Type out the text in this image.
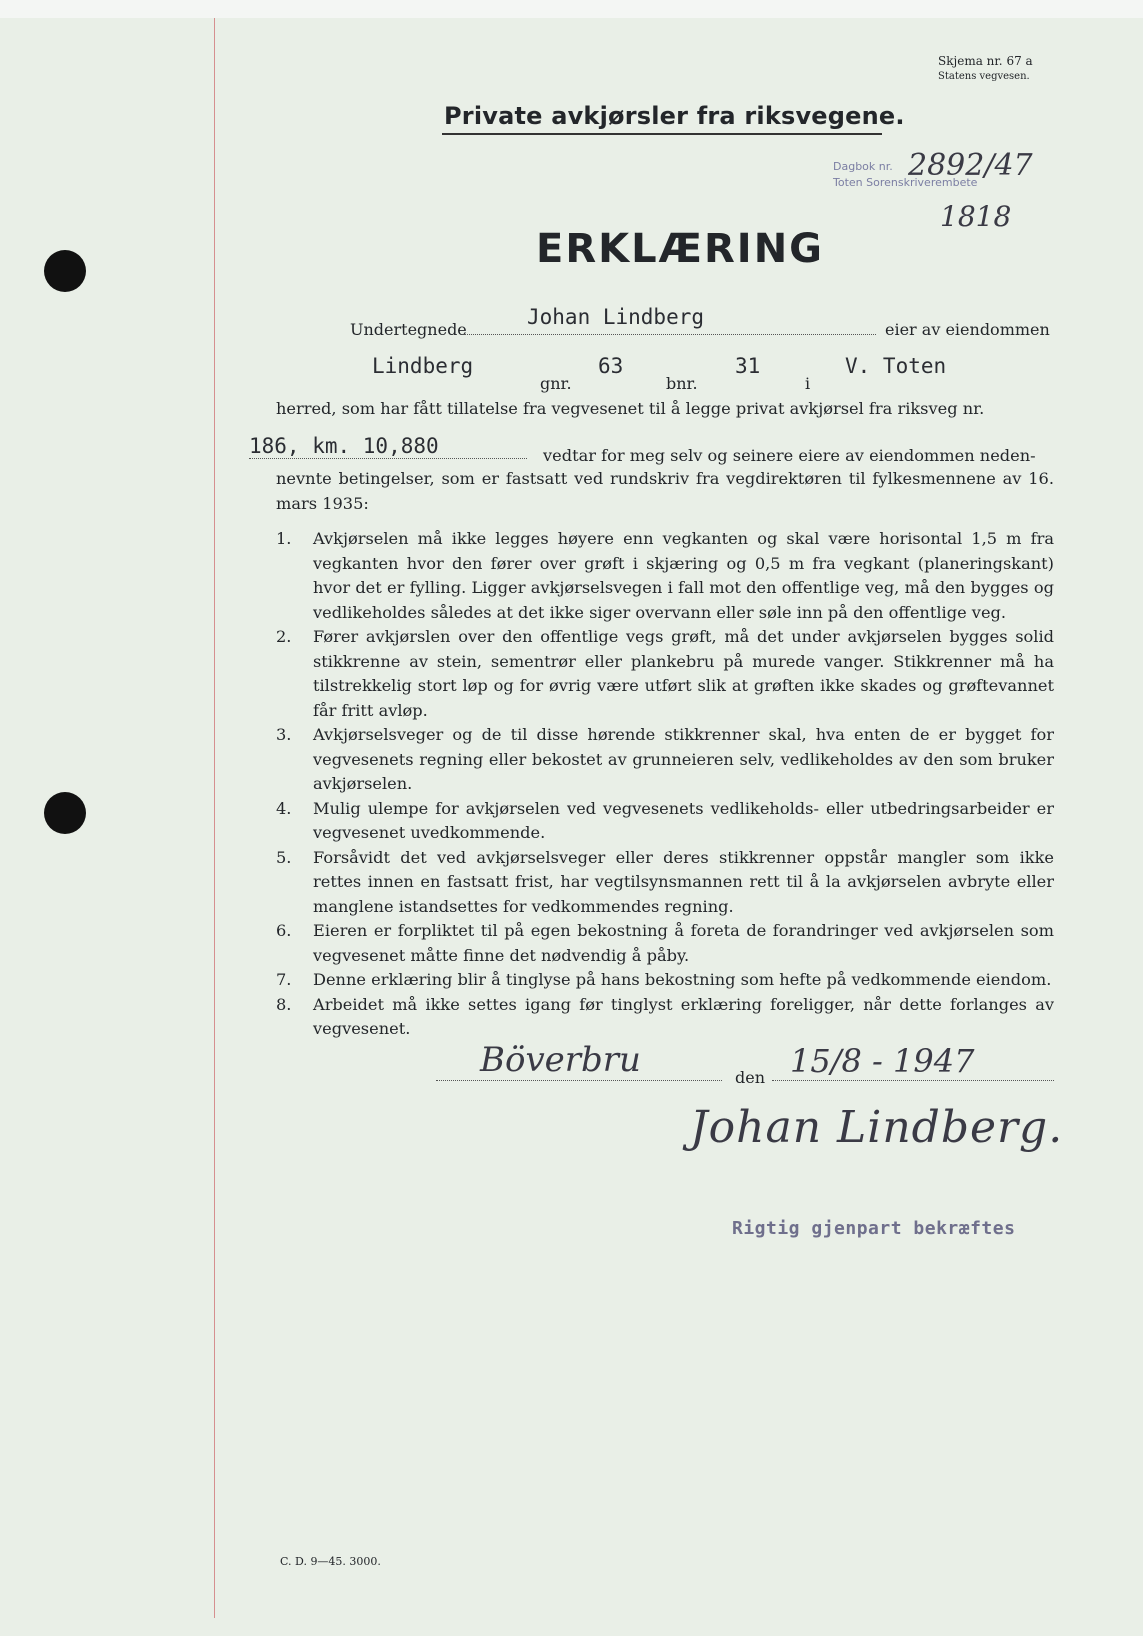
Skjema nr. 67 a
Statens vegvesen.
Private avkjørsler fra riksvegene.
Dagbok nr.
Toten Sorenskriverembete
2892/47
1818
ERKLÆRING
Undertegnede
Johan Lindberg
eier av eiendommen
Lindberg
gnr.
63
bnr.
31
i
V. Toten
herred, som har fått tillatelse fra vegvesenet til å legge privat avkjørsel fra riksveg nr.
186, km. 10,880	vedtar for meg selv og seinere eiere av eiendommen neden-
nevnte betingelser, som er fastsatt ved rundskriv fra vegdirektøren til fylkesmennene av 16. mars 1935:
1. Avkjørselen må ikke legges høyere enn vegkanten og skal være horisontal 1,5 m fra vegkanten hvor den fører over grøft i skjæring og 0,5 m fra vegkant (planeringskant) hvor det er fylling. Ligger avkjørselsvegen i fall mot den offentlige veg, må den bygges og vedlikeholdes således at det ikke siger overvann eller søle inn på den offentlige veg.
2. Fører avkjørslen over den offentlige vegs grøft, må det under avkjørselen bygges solid stikkrenne av stein, sementrør eller plankebru på murede vanger. Stikkrenner må ha tilstrekkelig stort løp og for øvrig være utført slik at grøften ikke skades og grøftevannet får fritt avløp.
3. Avkjørselsveger og de til disse hørende stikkrenner skal, hva enten de er bygget for vegvesenets regning eller bekostet av grunneieren selv, vedlikeholdes av den som bruker avkjørselen.
4. Mulig ulempe for avkjørselen ved vegvesenets vedlikeholds- eller utbedringsarbeider er vegvesenet uvedkommende.
5. Forsåvidt det ved avkjørselsveger eller deres stikkrenner oppstår mangler som ikke rettes innen en fastsatt frist, har vegtilsynsmannen rett til å la avkjørselen avbryte eller manglene istandsettes for vedkommendes regning.
6. Eieren er forpliktet til på egen bekostning å foreta de forandringer ved avkjørselen som vegvesenet måtte finne det nødvendig å påby.
7. Denne erklæring blir å tinglyse på hans bekostning som hefte på vedkommende eiendom.
8. Arbeidet må ikke settes igang før tinglyst erklæring foreligger, når dette forlanges av vegvesenet.
Böverbru	den 15/8 - 1947
Johan Lindberg.
Rigtig gjenpart bekræftes
C. D. 9—45. 3000.
